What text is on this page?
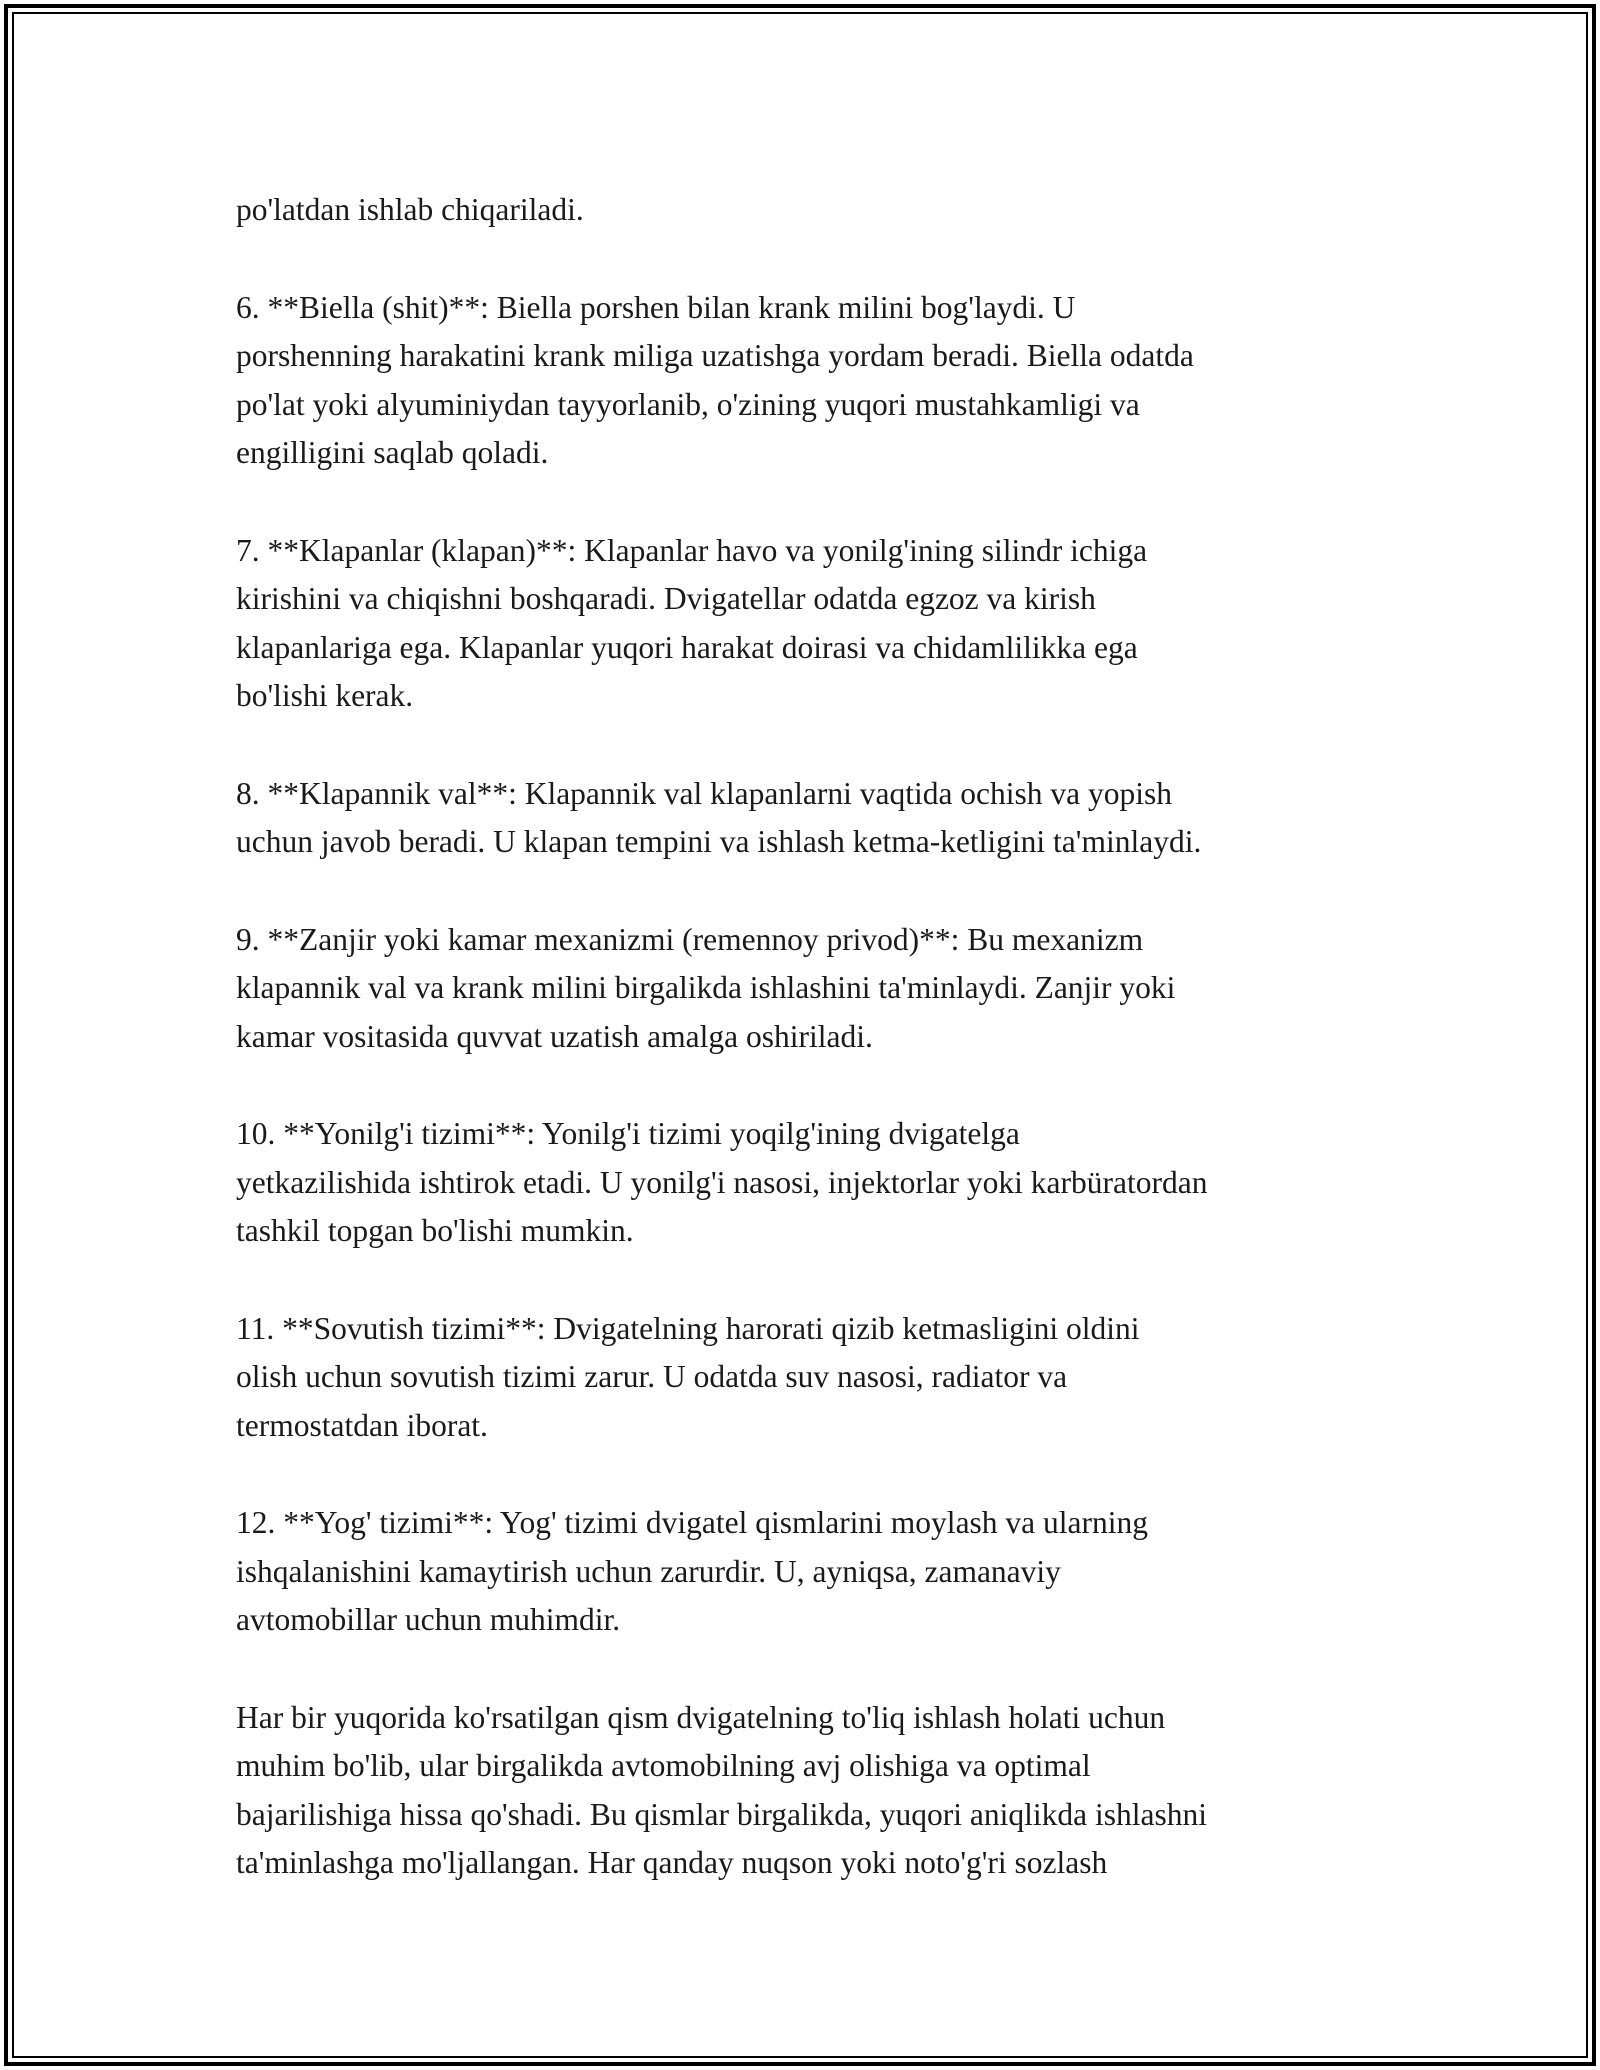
po'latdan ishlab chiqariladi.

6. **Biella (shit)**: Biella porshen bilan krank milini bog'laydi. U
porshenning harakatini krank miliga uzatishga yordam beradi. Biella odatda
po'lat yoki alyuminiydan tayyorlanib, o'zining yuqori mustahkamligi va
engilligini saqlab qoladi.

7. **Klapanlar (klapan)**: Klapanlar havo va yonilg'ining silindr ichiga
kirishini va chiqishni boshqaradi. Dvigatellar odatda egzoz va kirish
klapanlariga ega. Klapanlar yuqori harakat doirasi va chidamlilikka ega
bo'lishi kerak.

8. **Klapannik val**: Klapannik val klapanlarni vaqtida ochish va yopish
uchun javob beradi. U klapan tempini va ishlash ketma-ketligini ta'minlaydi.

9. **Zanjir yoki kamar mexanizmi (remennoy privod)**: Bu mexanizm
klapannik val va krank milini birgalikda ishlashini ta'minlaydi. Zanjir yoki
kamar vositasida quvvat uzatish amalga oshiriladi.

10. **Yonilg'i tizimi**: Yonilg'i tizimi yoqilg'ining dvigatelga
yetkazilishida ishtirok etadi. U yonilg'i nasosi, injektorlar yoki karbüratordan
tashkil topgan bo'lishi mumkin.

11. **Sovutish tizimi**: Dvigatelning harorati qizib ketmasligini oldini
olish uchun sovutish tizimi zarur. U odatda suv nasosi, radiator va
termostatdan iborat.

12. **Yog' tizimi**: Yog' tizimi dvigatel qismlarini moylash va ularning
ishqalanishini kamaytirish uchun zarurdir. U, ayniqsa, zamanaviy
avtomobillar uchun muhimdir.

Har bir yuqorida ko'rsatilgan qism dvigatelning to'liq ishlash holati uchun
muhim bo'lib, ular birgalikda avtomobilning avj olishiga va optimal
bajarilishiga hissa qo'shadi. Bu qismlar birgalikda, yuqori aniqlikda ishlashni
ta'minlashga mo'ljallangan. Har qanday nuqson yoki noto'g'ri sozlash
